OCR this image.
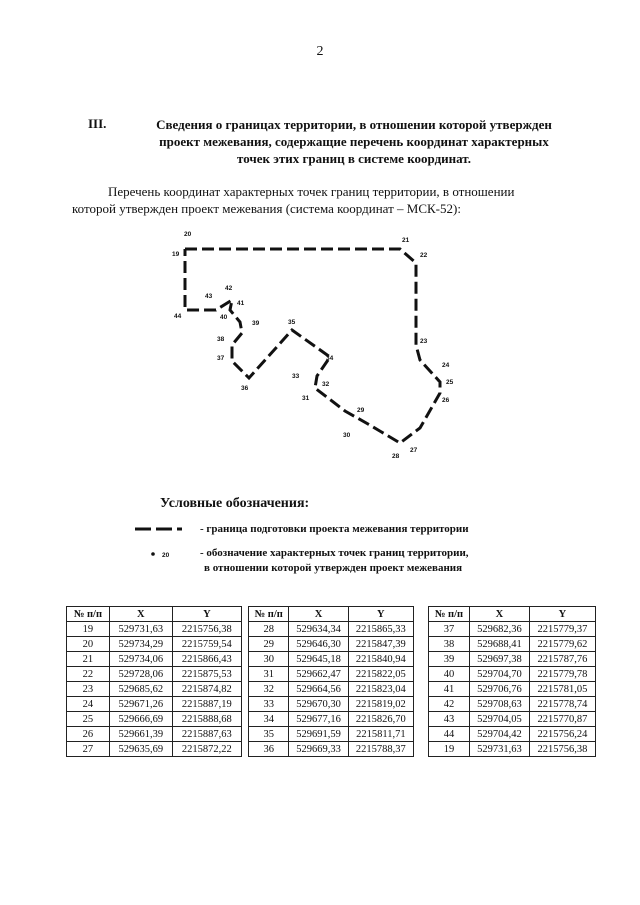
2
III.	Сведения о границах территории, в отношении которой утвержден
проект межевания, содержащие перечень координат характерных
точек этих границ в системе координат.
Перечень координат характерных точек границ территории, в отношении
которой утвержден проект межевания (система координат – МСК-52):
19
20
21
22
23
24
25
26
27
28
29
30
31
32
33
34
35
36
37
38
39
40
41
42
43
44
20
Условные обозначения:
- граница подготовки проекта межевания территории
- обозначение характерных точек границ территории,
в отношении которой утвержден проект межевания
№ п/п	X	Y
19	529731,63	2215756,38
20	529734,29	2215759,54
21	529734,06	2215866,43
22	529728,06	2215875,53
23	529685,62	2215874,82
24	529671,26	2215887,19
25	529666,69	2215888,68
26	529661,39	2215887,63
27	529635,69	2215872,22
№ п/п	X	Y
28	529634,34	2215865,33
29	529646,30	2215847,39
30	529645,18	2215840,94
31	529662,47	2215822,05
32	529664,56	2215823,04
33	529670,30	2215819,02
34	529677,16	2215826,70
35	529691,59	2215811,71
36	529669,33	2215788,37
№ п/п	X	Y
37	529682,36	2215779,37
38	529688,41	2215779,62
39	529697,38	2215787,76
40	529704,70	2215779,78
41	529706,76	2215781,05
42	529708,63	2215778,74
43	529704,05	2215770,87
44	529704,42	2215756,24
19	529731,63	2215756,38
